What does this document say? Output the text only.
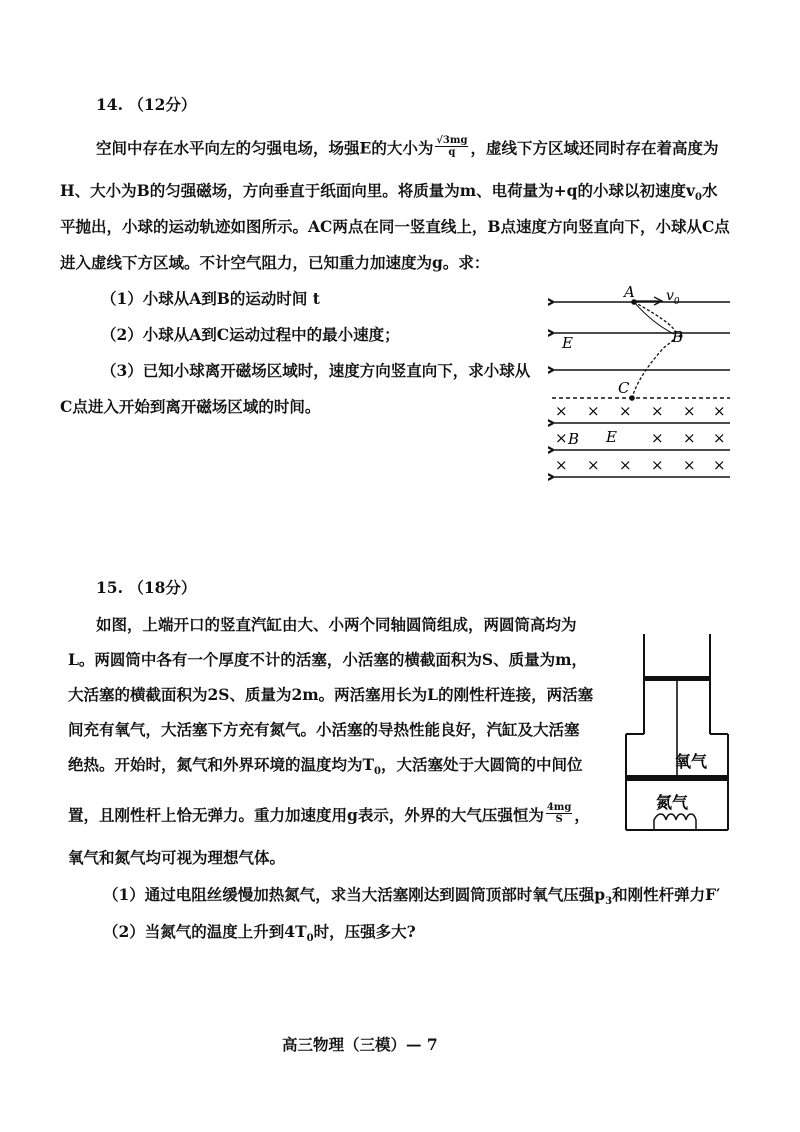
14. （12分）
空间中存在水平向左的匀强电场，场强E的大小为 $\frac{√3mg}{q}$ ，虚线下方区域还同时存在着高度为
H、大小为B的匀强磁场，方向垂直于纸面向里。将质量为m、电荷量为+q的小球以初速度$v_0$水
平抛出，小球的运动轨迹如图所示。AC两点在同一竖直线上，B点速度方向竖直向下，小球从C点
进入虚线下方区域。不计空气阻力，已知重力加速度为g。求：
（1）小球从A到B的运动时间 t
（2）小球从A到C运动过程中的最小速度；
（3）已知小球离开磁场区域时，速度方向竖直向下，求小球从
C点进入开始到离开磁场区域的时间。
A $v_0$
E	B
C
B E
× × × × × ×
×	× × ×
× × × × × ×
15. （18分）
如图，上端开口的竖直汽缸由大、小两个同轴圆筒组成，两圆筒高均为
L。两圆筒中各有一个厚度不计的活塞，小活塞的横截面积为S、质量为m，
大活塞的横截面积为2S、质量为2m。两活塞用长为L的刚性杆连接，两活塞
间充有氧气，大活塞下方充有氮气。小活塞的导热性能良好，汽缸及大活塞
绝热。开始时，氮气和外界环境的温度均为$T_0$，大活塞处于大圆筒的中间位
置，且刚性杆上恰无弹力。重力加速度用g表示，外界的大气压强恒为 $\frac{4mg}{S}$ ，
氧气和氮气均可视为理想气体。
（1）通过电阻丝缓慢加热氮气，求当大活塞刚达到圆筒顶部时氧气压强$p_3$和刚性杆弹力F′
（2）当氮气的温度上升到$4T_0$时，压强多大?
氧气
氮气
高三物理（三模）— 7
